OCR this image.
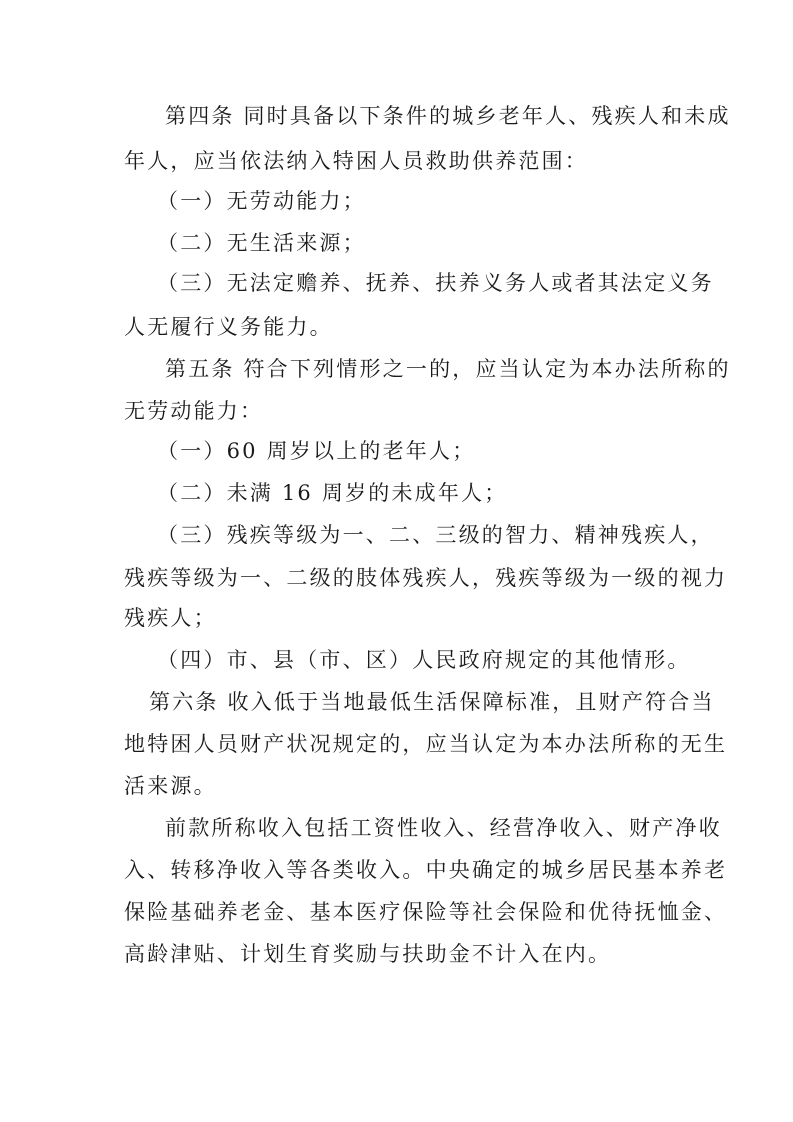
第四条 同时具备以下条件的城乡老年人、残疾人和未成
年人，应当依法纳入特困人员救助供养范围：
（一）无劳动能力；
（二）无生活来源；
（三）无法定赡养、抚养、扶养义务人或者其法定义务
人无履行义务能力。
第五条 符合下列情形之一的，应当认定为本办法所称的
无劳动能力：
（一）60 周岁以上的老年人；
（二）未满 16 周岁的未成年人；
（三）残疾等级为一、二、三级的智力、精神残疾人，
残疾等级为一、二级的肢体残疾人，残疾等级为一级的视力
残疾人；
（四）市、县（市、区）人民政府规定的其他情形。
第六条 收入低于当地最低生活保障标准，且财产符合当
地特困人员财产状况规定的，应当认定为本办法所称的无生
活来源。
前款所称收入包括工资性收入、经营净收入、财产净收
入、转移净收入等各类收入。中央确定的城乡居民基本养老
保险基础养老金、基本医疗保险等社会保险和优待抚恤金、
高龄津贴、计划生育奖励与扶助金不计入在内。
